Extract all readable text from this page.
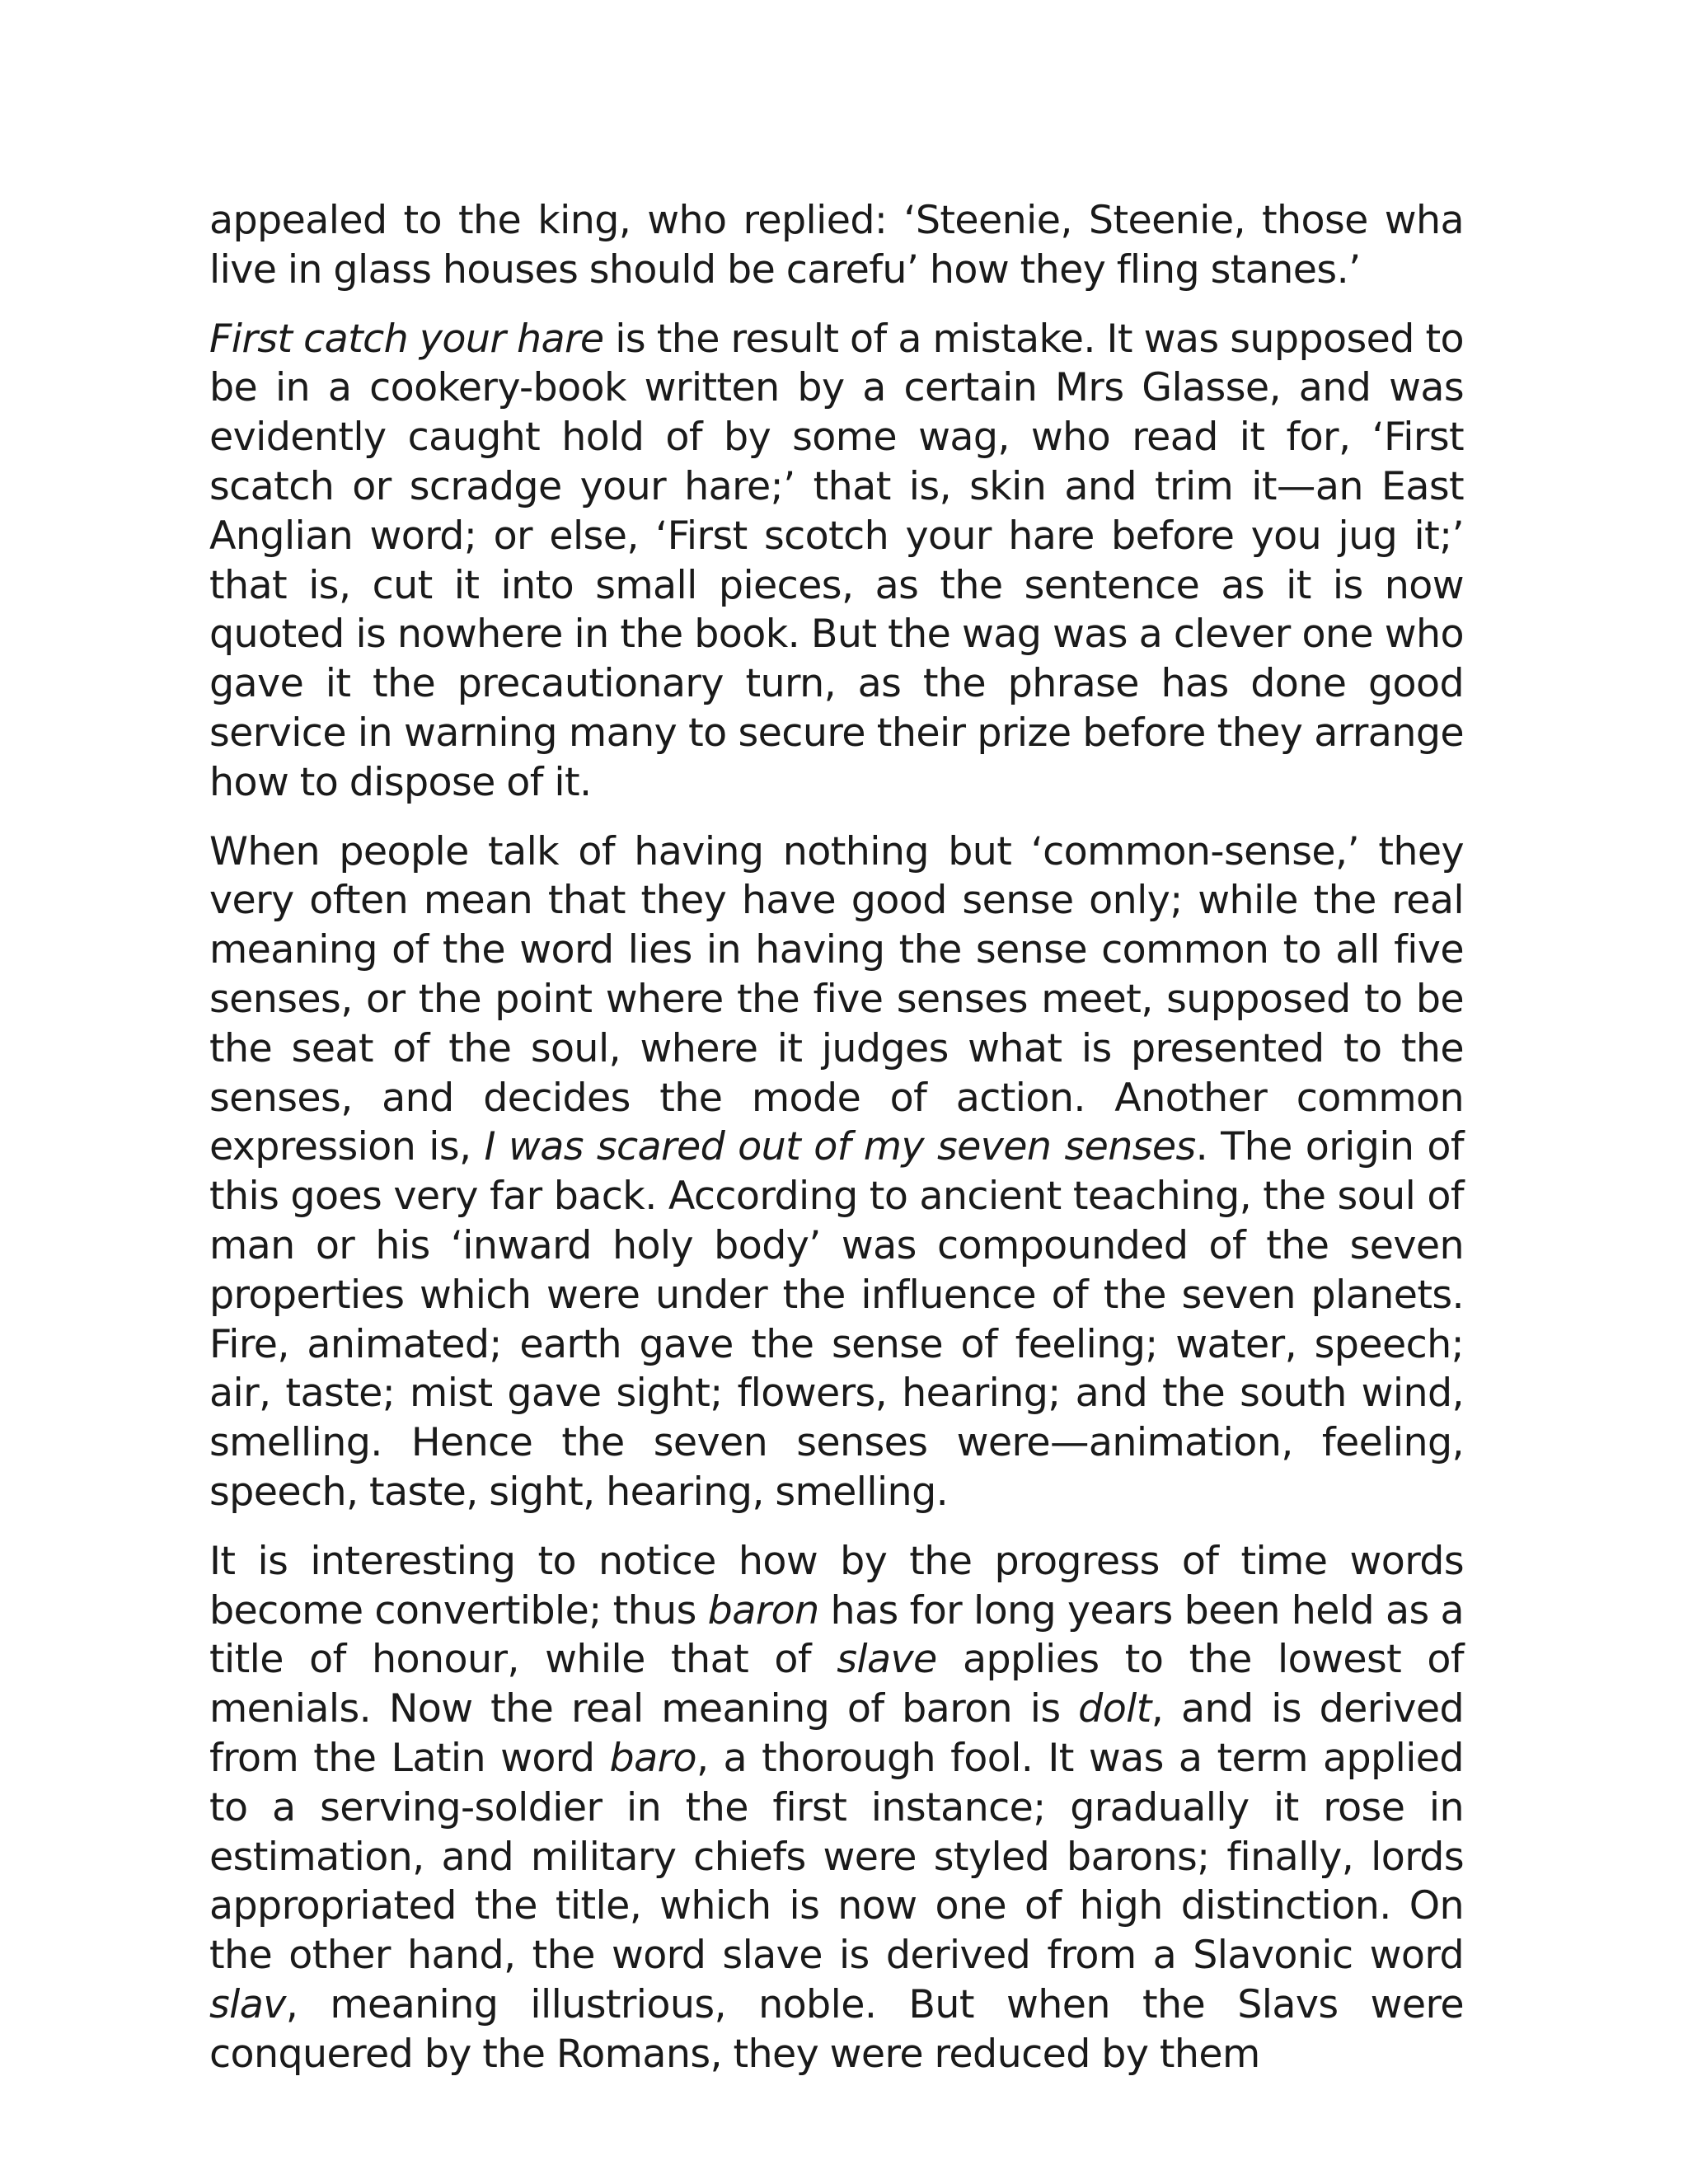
appealed to the king, who replied: ‘Steenie, Steenie, those wha live in glass houses should be carefu’ how they fling stanes.’

First catch your hare is the result of a mistake. It was supposed to be in a cookery-book written by a certain Mrs Glasse, and was evidently caught hold of by some wag, who read it for, ‘First scatch or scradge your hare;’ that is, skin and trim it—an East Anglian word; or else, ‘First scotch your hare before you jug it;’ that is, cut it into small pieces, as the sentence as it is now quoted is nowhere in the book. But the wag was a clever one who gave it the precautionary turn, as the phrase has done good service in warning many to secure their prize before they arrange how to dispose of it.

When people talk of having nothing but ‘common-sense,’ they very often mean that they have good sense only; while the real meaning of the word lies in having the sense common to all five senses, or the point where the five senses meet, supposed to be the seat of the soul, where it judges what is presented to the senses, and decides the mode of action. Another common expression is, I was scared out of my seven senses. The origin of this goes very far back. According to ancient teaching, the soul of man or his ‘inward holy body’ was compounded of the seven properties which were under the influence of the seven planets. Fire, animated; earth gave the sense of feeling; water, speech; air, taste; mist gave sight; flowers, hearing; and the south wind, smelling. Hence the seven senses were—animation, feeling, speech, taste, sight, hearing, smelling.

It is interesting to notice how by the progress of time words become convertible; thus baron has for long years been held as a title of honour, while that of slave applies to the lowest of menials. Now the real meaning of baron is dolt, and is derived from the Latin word baro, a thorough fool. It was a term applied to a serving-soldier in the first instance; gradually it rose in estimation, and military chiefs were styled barons; finally, lords appropriated the title, which is now one of high distinction. On the other hand, the word slave is derived from a Slavonic word slav, meaning illustrious, noble. But when the Slavs were conquered by the Romans, they were reduced by them
